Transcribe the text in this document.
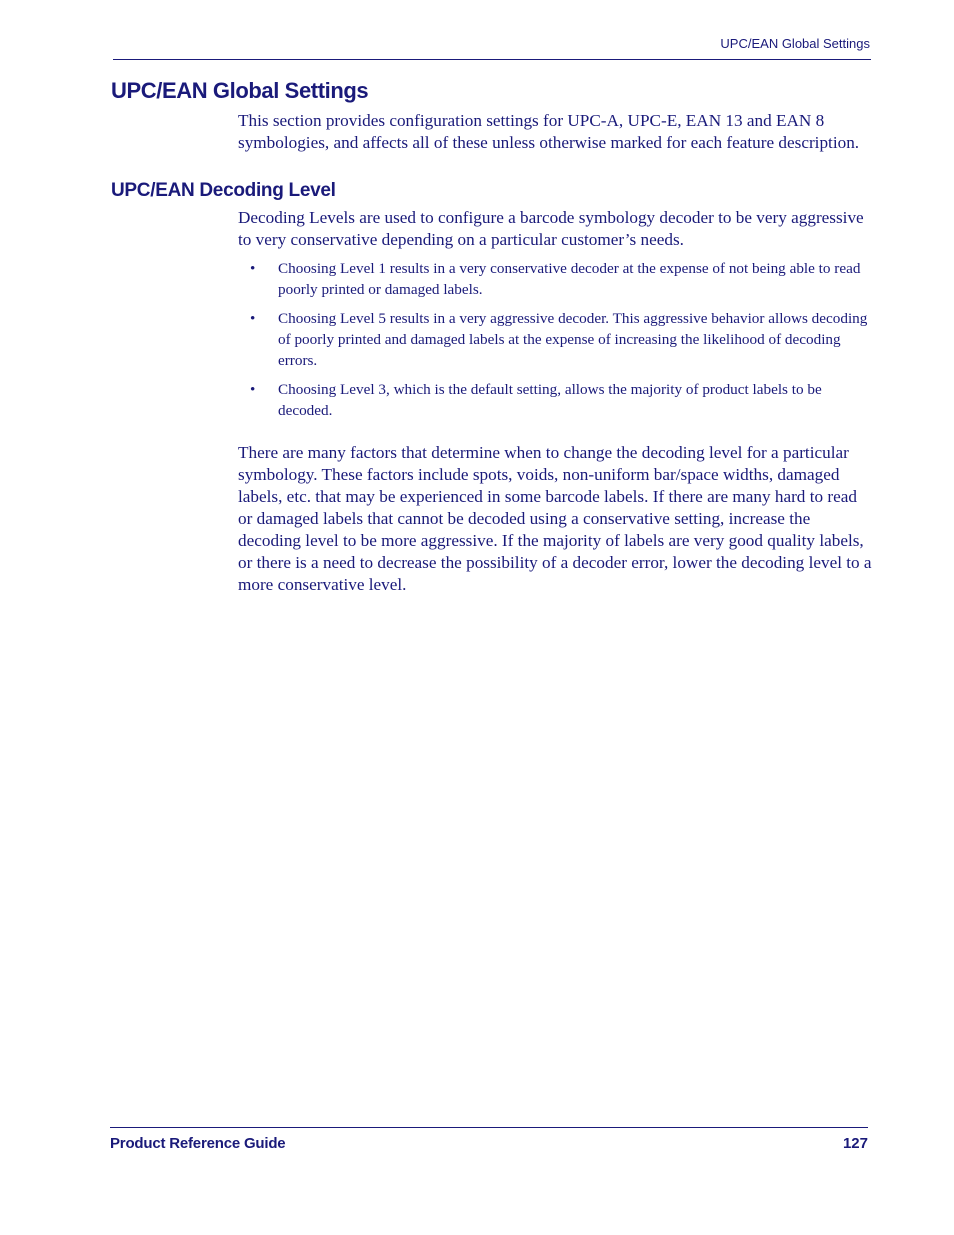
UPC/EAN Global Settings
UPC/EAN Global Settings

This section provides configuration settings for UPC-A, UPC-E, EAN 13 and EAN 8 symbologies, and affects all of these unless otherwise marked for each feature description.

UPC/EAN Decoding Level

Decoding Levels are used to configure a barcode symbology decoder to be very aggressive to very conservative depending on a particular customer’s needs.

• Choosing Level 1 results in a very conservative decoder at the expense of not being able to read poorly printed or damaged labels.
• Choosing Level 5 results in a very aggressive decoder. This aggressive behavior allows decoding of poorly printed and damaged labels at the expense of increasing the likelihood of decoding errors.
• Choosing Level 3, which is the default setting, allows the majority of product labels to be decoded.

There are many factors that determine when to change the decoding level for a particular symbology. These factors include spots, voids, non-uniform bar/space widths, damaged labels, etc. that may be experienced in some barcode labels. If there are many hard to read or damaged labels that cannot be decoded using a conservative setting, increase the decoding level to be more aggressive. If the majority of labels are very good quality labels, or there is a need to decrease the possibility of a decoder error, lower the decoding level to a more conservative level.

Product Reference Guide	127
